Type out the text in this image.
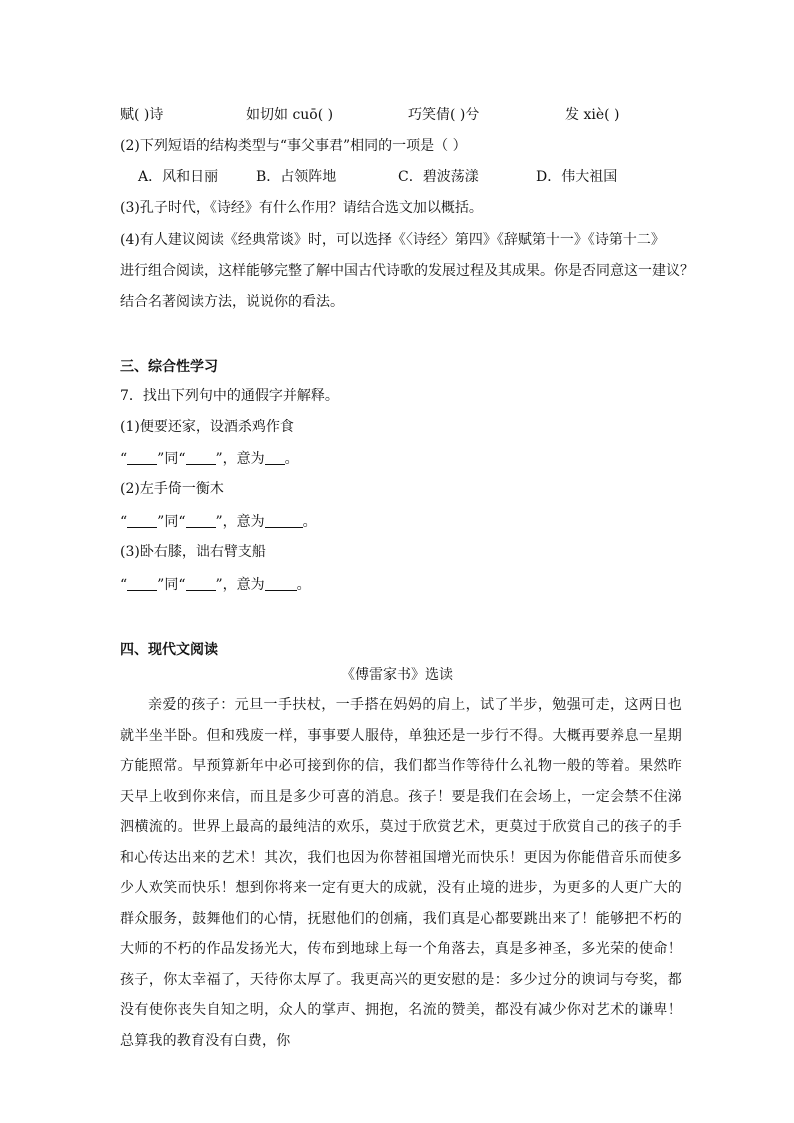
赋( )诗	如切如 cuō( )	巧笑倩( )兮	发 xiè( )
(2)下列短语的结构类型与“事父事君”相同的一项是（ ）
A．风和日丽	B．占领阵地	C．碧波荡漾	D．伟大祖国
(3)孔子时代，《诗经》有什么作用？请结合选文加以概括。
(4)有人建议阅读《经典常谈》时，可以选择《〈诗经〉第四》《辞赋第十一》《诗第十二》
进行组合阅读，这样能够完整了解中国古代诗歌的发展过程及其成果。你是否同意这一建议？
结合名著阅读方法，说说你的看法。
三、综合性学习
7．找出下列句中的通假字并解释。
(1)便要还家，设酒杀鸡作食
“ ”同“ ”，意为 。
(2)左手倚一衡木
“ ”同“ ”，意为	。
(3)卧右膝，诎右臂支船
“ ”同“ ”，意为 。
四、现代文阅读
《傅雷家书》选读

亲爱的孩子：元旦一手扶杖，一手搭在妈妈的肩上，试了半步，勉强可走，这两日也就半坐半卧。但和残废一样，事事要人服侍，单独还是一步行不得。大概再要养息一星期方能照常。早预算新年中必可接到你的信，我们都当作等待什么礼物一般的等着。果然昨天早上收到你来信，而且是多少可喜的消息。孩子！要是我们在会场上，一定会禁不住涕泗横流的。世界上最高的最纯洁的欢乐，莫过于欣赏艺术，更莫过于欣赏自己的孩子的手和心传达出来的艺术！其次，我们也因为你替祖国增光而快乐！更因为你能借音乐而使多少人欢笑而快乐！想到你将来一定有更大的成就，没有止境的进步，为更多的人更广大的群众服务，鼓舞他们的心情，抚慰他们的创痛，我们真是心都要跳出来了！能够把不朽的大师的不朽的作品发扬光大，传布到地球上每一个角落去，真是多神圣，多光荣的使命！孩子，你太幸福了，天待你太厚了。我更高兴的更安慰的是：多少过分的谀词与夸奖，都没有使你丧失自知之明，众人的掌声、拥抱，名流的赞美，都没有减少你对艺术的谦卑！总算我的教育没有白费，你
